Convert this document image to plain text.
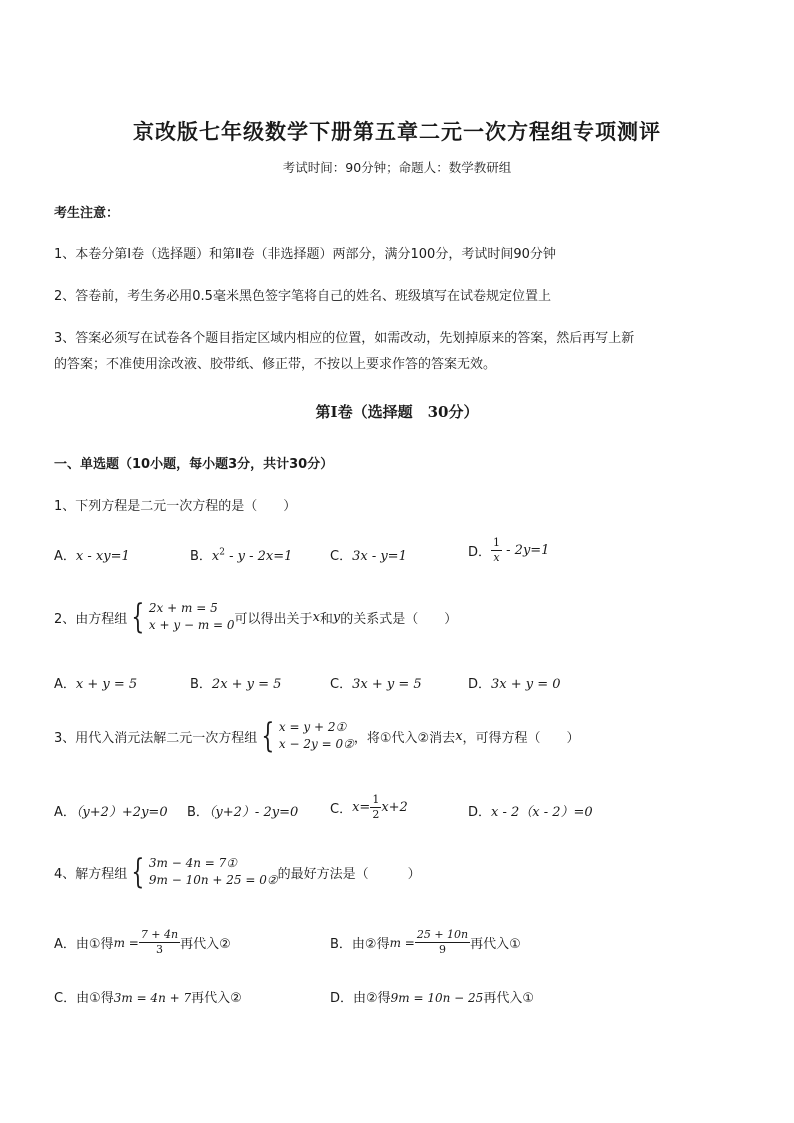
京改版七年级数学下册第五章二元一次方程组专项测评
考试时间：90分钟；命题人：数学教研组
考生注意：
1、本卷分第Ⅰ卷（选择题）和第Ⅱ卷（非选择题）两部分，满分100分，考试时间90分钟
2、答卷前，考生务必用0.5毫米黑色签字笔将自己的姓名、班级填写在试卷规定位置上
3、答案必须写在试卷各个题目指定区域内相应的位置，如需改动，先划掉原来的答案，然后再写上新
的答案；不准使用涂改液、胶带纸、修正带，不按以上要求作答的答案无效。
第Ⅰ卷（选择题　30分）
一、单选题（10小题，每小题3分，共计30分）
1、下列方程是二元一次方程的是（　　）
A．x - xy=1	B．$x^2 - y - 2x=1$	C．3x - y=1	D． $\frac{1}{x} - 2y=1$
2、由方程组 { 2x + m = 5
x + y − m = 0 可以得出关于 x 和 y 的关系式是（　　）
A．x + y = 5	B．2x + y = 5	C．3x + y = 5	D．3x + y = 0
3、用代入消元法解二元一次方程组 { x = y + 2①
x − 2y = 0② ，将①代入②消去 x ，可得方程（　　）
A．（y+2）+2y=0 B．（y+2）- 2y=0 C．$x= \frac{1}{2} x+2$	D．x - 2（x - 2）=0
4、解方程组 { 3m − 4n = 7①
9m − 10n + 25 = 0② 的最好方法是（　　　）
A． 由①得 $m = \frac{7 + 4n}{3}$ 再代入②	B． 由②得 $m = \frac{25 + 10n}{9}$ 再代入①
C．由①得3m = 4n + 7再代入②	D．由②得9m = 10n − 25再代入①
